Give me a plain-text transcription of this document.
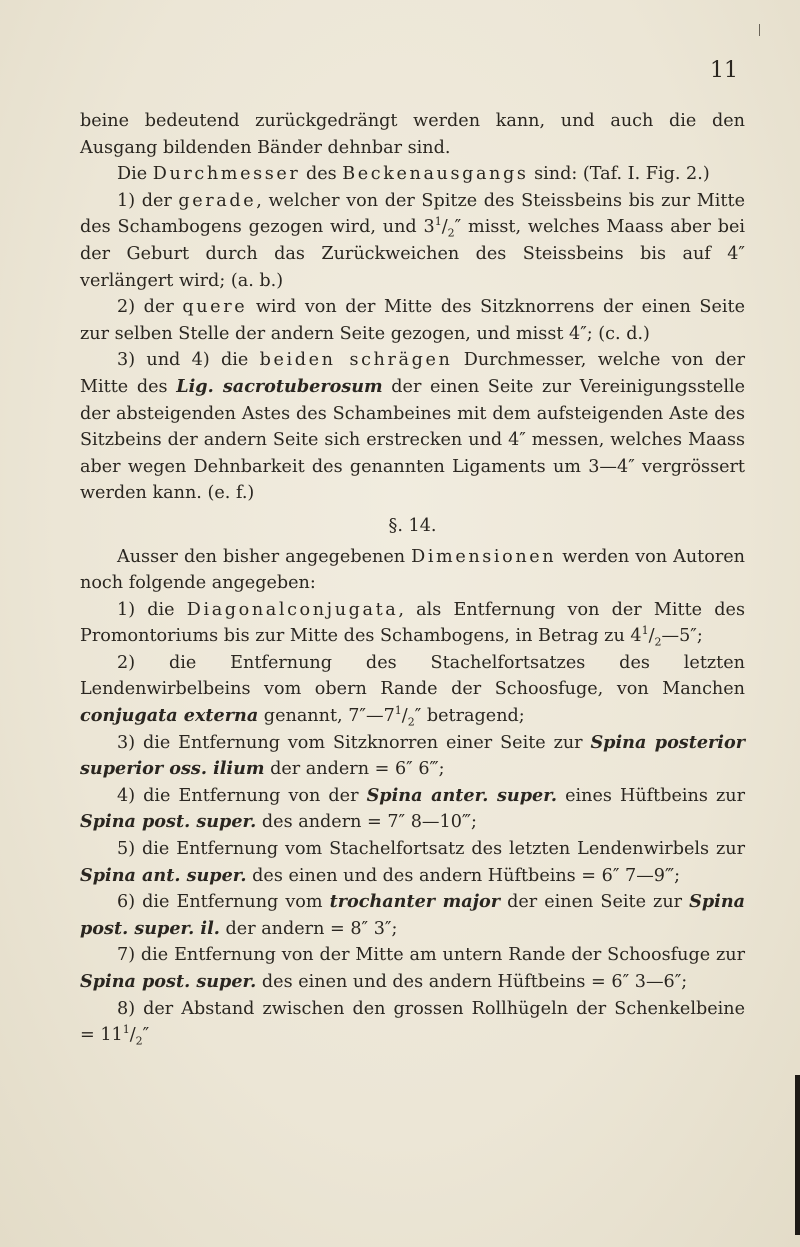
11

beine bedeutend zurückgedrängt werden kann, und auch die den Ausgang bildenden Bänder dehnbar sind.

Die Durchmesser des Beckenausgangs sind: (Taf. I. Fig. 2.)

1) der gerade, welcher von der Spitze des Steissbeins bis zur Mitte des Schambogens gezogen wird, und $3^1/_2''$ misst, welches Maass aber bei der Geburt durch das Zurückweichen des Steissbeins bis auf 4″ verlängert wird; (a. b.)

2) der quere wird von der Mitte des Sitzknorrens der einen Seite zur selben Stelle der andern Seite gezogen, und misst 4″; (c. d.)

3) und 4) die beiden schrägen Durchmesser, welche von der Mitte des Lig. sacrotuberosum der einen Seite zur Vereinigungsstelle der absteigenden Astes des Schambeines mit dem aufsteigenden Aste des Sitzbeins der andern Seite sich erstrecken und 4″ messen, welches Maass aber wegen Dehnbarkeit des genannten Ligaments um 3—4″ vergrössert werden kann. (e. f.)

§. 14.

Ausser den bisher angegebenen Dimensionen werden von Autoren noch folgende angegeben:

1) die Diagonalconjugata, als Entfernung von der Mitte des Promontoriums bis zur Mitte des Schambogens, in Betrag zu $4^1/_2—5''$;

2) die Entfernung des Stachelfortsatzes des letzten Lendenwirbelbeins vom obern Rande der Schoosfuge, von Manchen conjugata externa genannt, $7''—7^1/_2''$ betragend;

3) die Entfernung vom Sitzknorren einer Seite zur Spina posterior superior oss. ilium der andern = 6″ 6‴;

4) die Entfernung von der Spina anter. super. eines Hüftbeins zur Spina post. super. des andern = 7″ 8—10‴;

5) die Entfernung vom Stachelfortsatz des letzten Lendenwirbels zur Spina ant. super. des einen und des andern Hüftbeins = 6″ 7—9‴;

6) die Entfernung vom trochanter major der einen Seite zur Spina post. super. il. der andern = 8″ 3″;

7) die Entfernung von der Mitte am untern Rande der Schoosfuge zur Spina post. super. des einen und des andern Hüftbeins = 6″ 3—6″;

8) der Abstand zwischen den grossen Rollhügeln der Schenkelbeine = $11^1/_2''$
